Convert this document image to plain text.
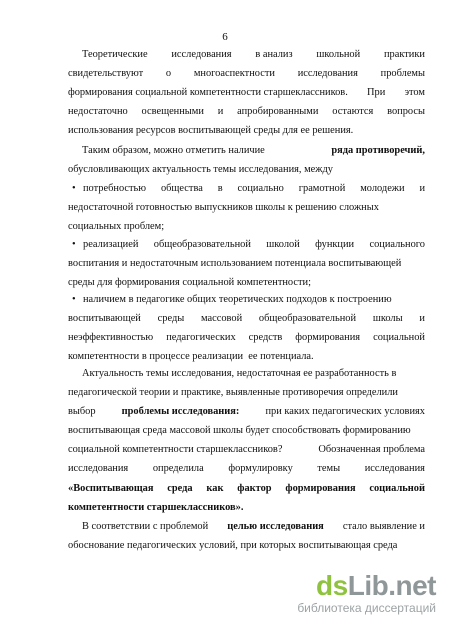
6
Теоретические исследования в анализ школьной практики
свидетельствуют о многоаспектности исследования проблемы
формирования социальной компетентности старшеклассников. При этом
недостаточно освещенными и апробированными остаются вопросы
использования ресурсов воспитывающей среды для ее решения.
Таким образом, можно отметить наличие	ряда противоречий,
обусловливающих актуальность темы исследования, между
• потребностью общества в социально грамотной молодежи и
недостаточной готовностью выпускников школы к решению сложных
социальных проблем;
• реализацией общеобразовательной школой функции социального
воспитания и недостаточным использованием потенциала воспитывающей
среды для формирования социальной компетентности;
• наличием в педагогике общих теоретических подходов к построению
воспитывающей среды массовой общеобразовательной школы и
неэффективностью педагогических средств формирования социальной
компетентности в процессе реализации  ее потенциала.
Актуальность темы исследования, недостаточная ее разработанность в
педагогической теории и практике, выявленные противоречия определили
выбор	проблемы исследования:	при каких педагогических условиях
воспитывающая среда массовой школы будет способствовать формированию
социальной компетентности старшеклассников?	Обозначенная проблема
исследования определила формулировку темы исследования
«Воспитывающая среда как фактор формирования социальной
компетентности старшеклассников».
В соответствии с проблемой целью исследования стало выявление и
обоснование педагогических условий, при которых воспитывающая среда
dsLib.net
библиотека диссертаций
